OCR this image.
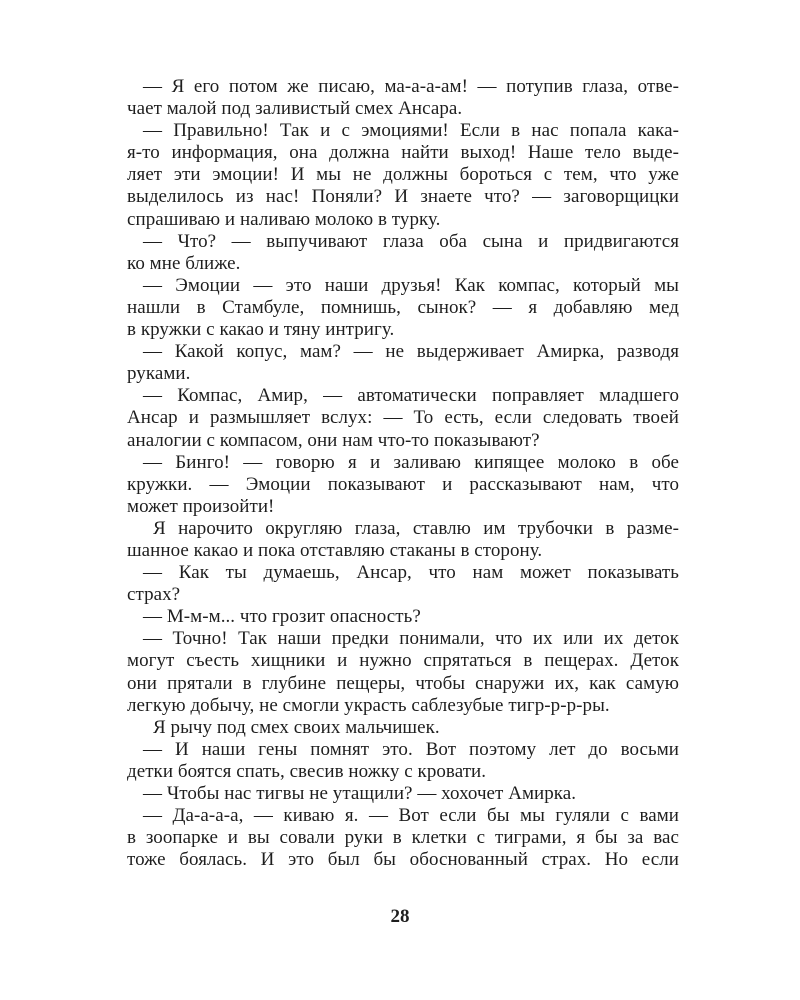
— Я его потом же писаю, ма-а-а-ам! — потупив глаза, отве-
чает малой под заливистый смех Ансара.
— Правильно! Так и с эмоциями! Если в нас попала кака-
я-то информация, она должна найти выход! Наше тело выде-
ляет эти эмоции! И мы не должны бороться с тем, что уже
выделилось из нас! Поняли? И знаете что? — заговорщицки
спрашиваю и наливаю молоко в турку.
— Что? — выпучивают глаза оба сына и придвигаются
ко мне ближе.
— Эмоции — это наши друзья! Как компас, который мы
нашли в Стамбуле, помнишь, сынок? — я добавляю мед
в кружки с какао и тяну интригу.
— Какой копус, мам? — не выдерживает Амирка, разводя
руками.
— Компас, Амир, — автоматически поправляет младшего
Ансар и размышляет вслух: — То есть, если следовать твоей
аналогии с компасом, они нам что-то показывают?
— Бинго! — говорю я и заливаю кипящее молоко в обе
кружки. — Эмоции показывают и рассказывают нам, что
может произойти!
Я нарочито округляю глаза, ставлю им трубочки в разме-
шанное какао и пока отставляю стаканы в сторону.
— Как ты думаешь, Ансар, что нам может показывать
страх?
— М-м-м... что грозит опасность?
— Точно! Так наши предки понимали, что их или их деток
могут съесть хищники и нужно спрятаться в пещерах. Деток
они прятали в глубине пещеры, чтобы снаружи их, как самую
легкую добычу, не смогли украсть саблезубые тигр-р-р-ры.
Я рычу под смех своих мальчишек.
— И наши гены помнят это. Вот поэтому лет до восьми
детки боятся спать, свесив ножку с кровати.
— Чтобы нас тигвы не утащили? — хохочет Амирка.
— Да-а-а-а, — киваю я. — Вот если бы мы гуляли с вами
в зоопарке и вы совали руки в клетки с тиграми, я бы за вас
тоже боялась. И это был бы обоснованный страх. Но если
28
